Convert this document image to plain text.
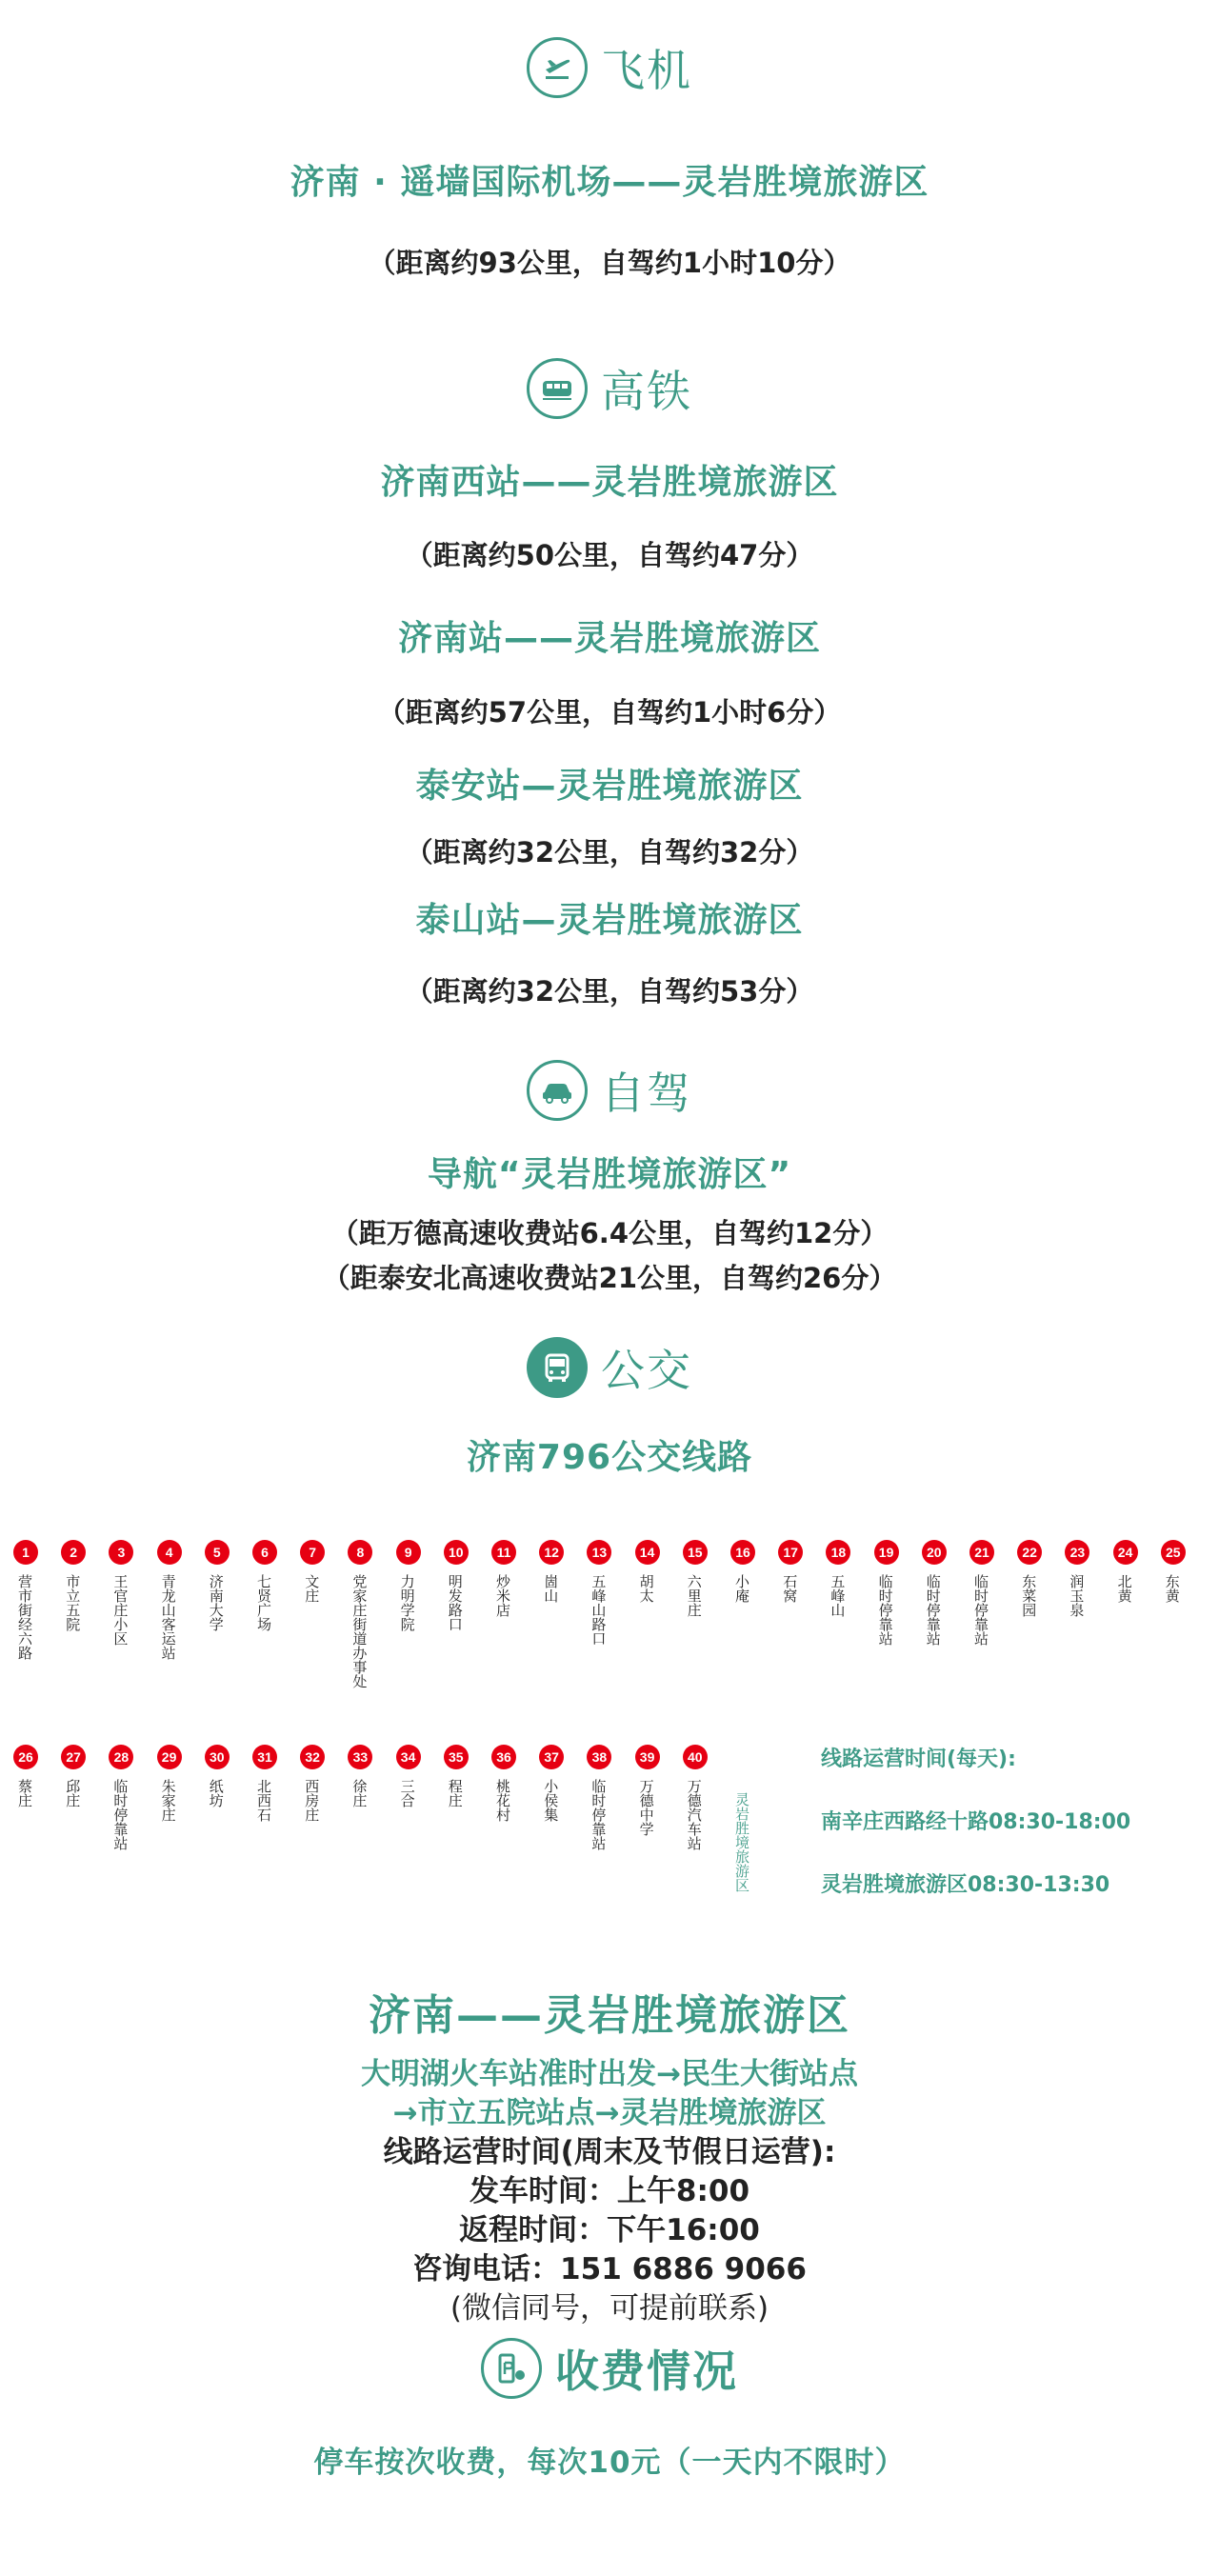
飞机
济南 · 遥墙国际机场——灵岩胜境旅游区
（距离约93公里，自驾约1小时10分）
高铁
济南西站——灵岩胜境旅游区
（距离约50公里，自驾约47分）
济南站——灵岩胜境旅游区
（距离约57公里，自驾约1小时6分）
泰安站—灵岩胜境旅游区
（距离约32公里，自驾约32分）
泰山站—灵岩胜境旅游区
（距离约32公里，自驾约53分）
自驾
导航“灵岩胜境旅游区”
（距万德高速收费站6.4公里，自驾约12分）
（距泰安北高速收费站21公里，自驾约26分）
公交
济南796公交线路
1
营市街经六路
2
市立五院
3
王官庄小区
4
青龙山客运站
5
济南大学
6
七贤广场
7
文庄
8
党家庄街道办事处
9
力明学院
10
明发路口
11
炒米店
12
崮山
13
五峰山路口
14
胡太
15
六里庄
16
小庵
17
石窝
18
五峰山
19
临时停靠站
20
临时停靠站
21
临时停靠站
22
东菜园
23
润玉泉
24
北黄
25
东黄
26
蔡庄
27
邱庄
28
临时停靠站
29
朱家庄
30
纸坊
31
北西石
32
西房庄
33
徐庄
34
三合
35
程庄
36
桃花村
37
小侯集
38
临时停靠站
39
万德中学
40
万德汽车站 灵岩胜境旅游区
线路运营时间(每天):
南辛庄西路经十路08:30-18:00
灵岩胜境旅游区08:30-13:30
济南——灵岩胜境旅游区
大明湖火车站准时出发→民生大街站点
→市立五院站点→灵岩胜境旅游区
线路运营时间(周末及节假日运营):
发车时间：上午8:00
返程时间：下午16:00
咨询电话：151 6886 9066
(微信同号，可提前联系)
收费情况
停车按次收费，每次10元（一天内不限时）
